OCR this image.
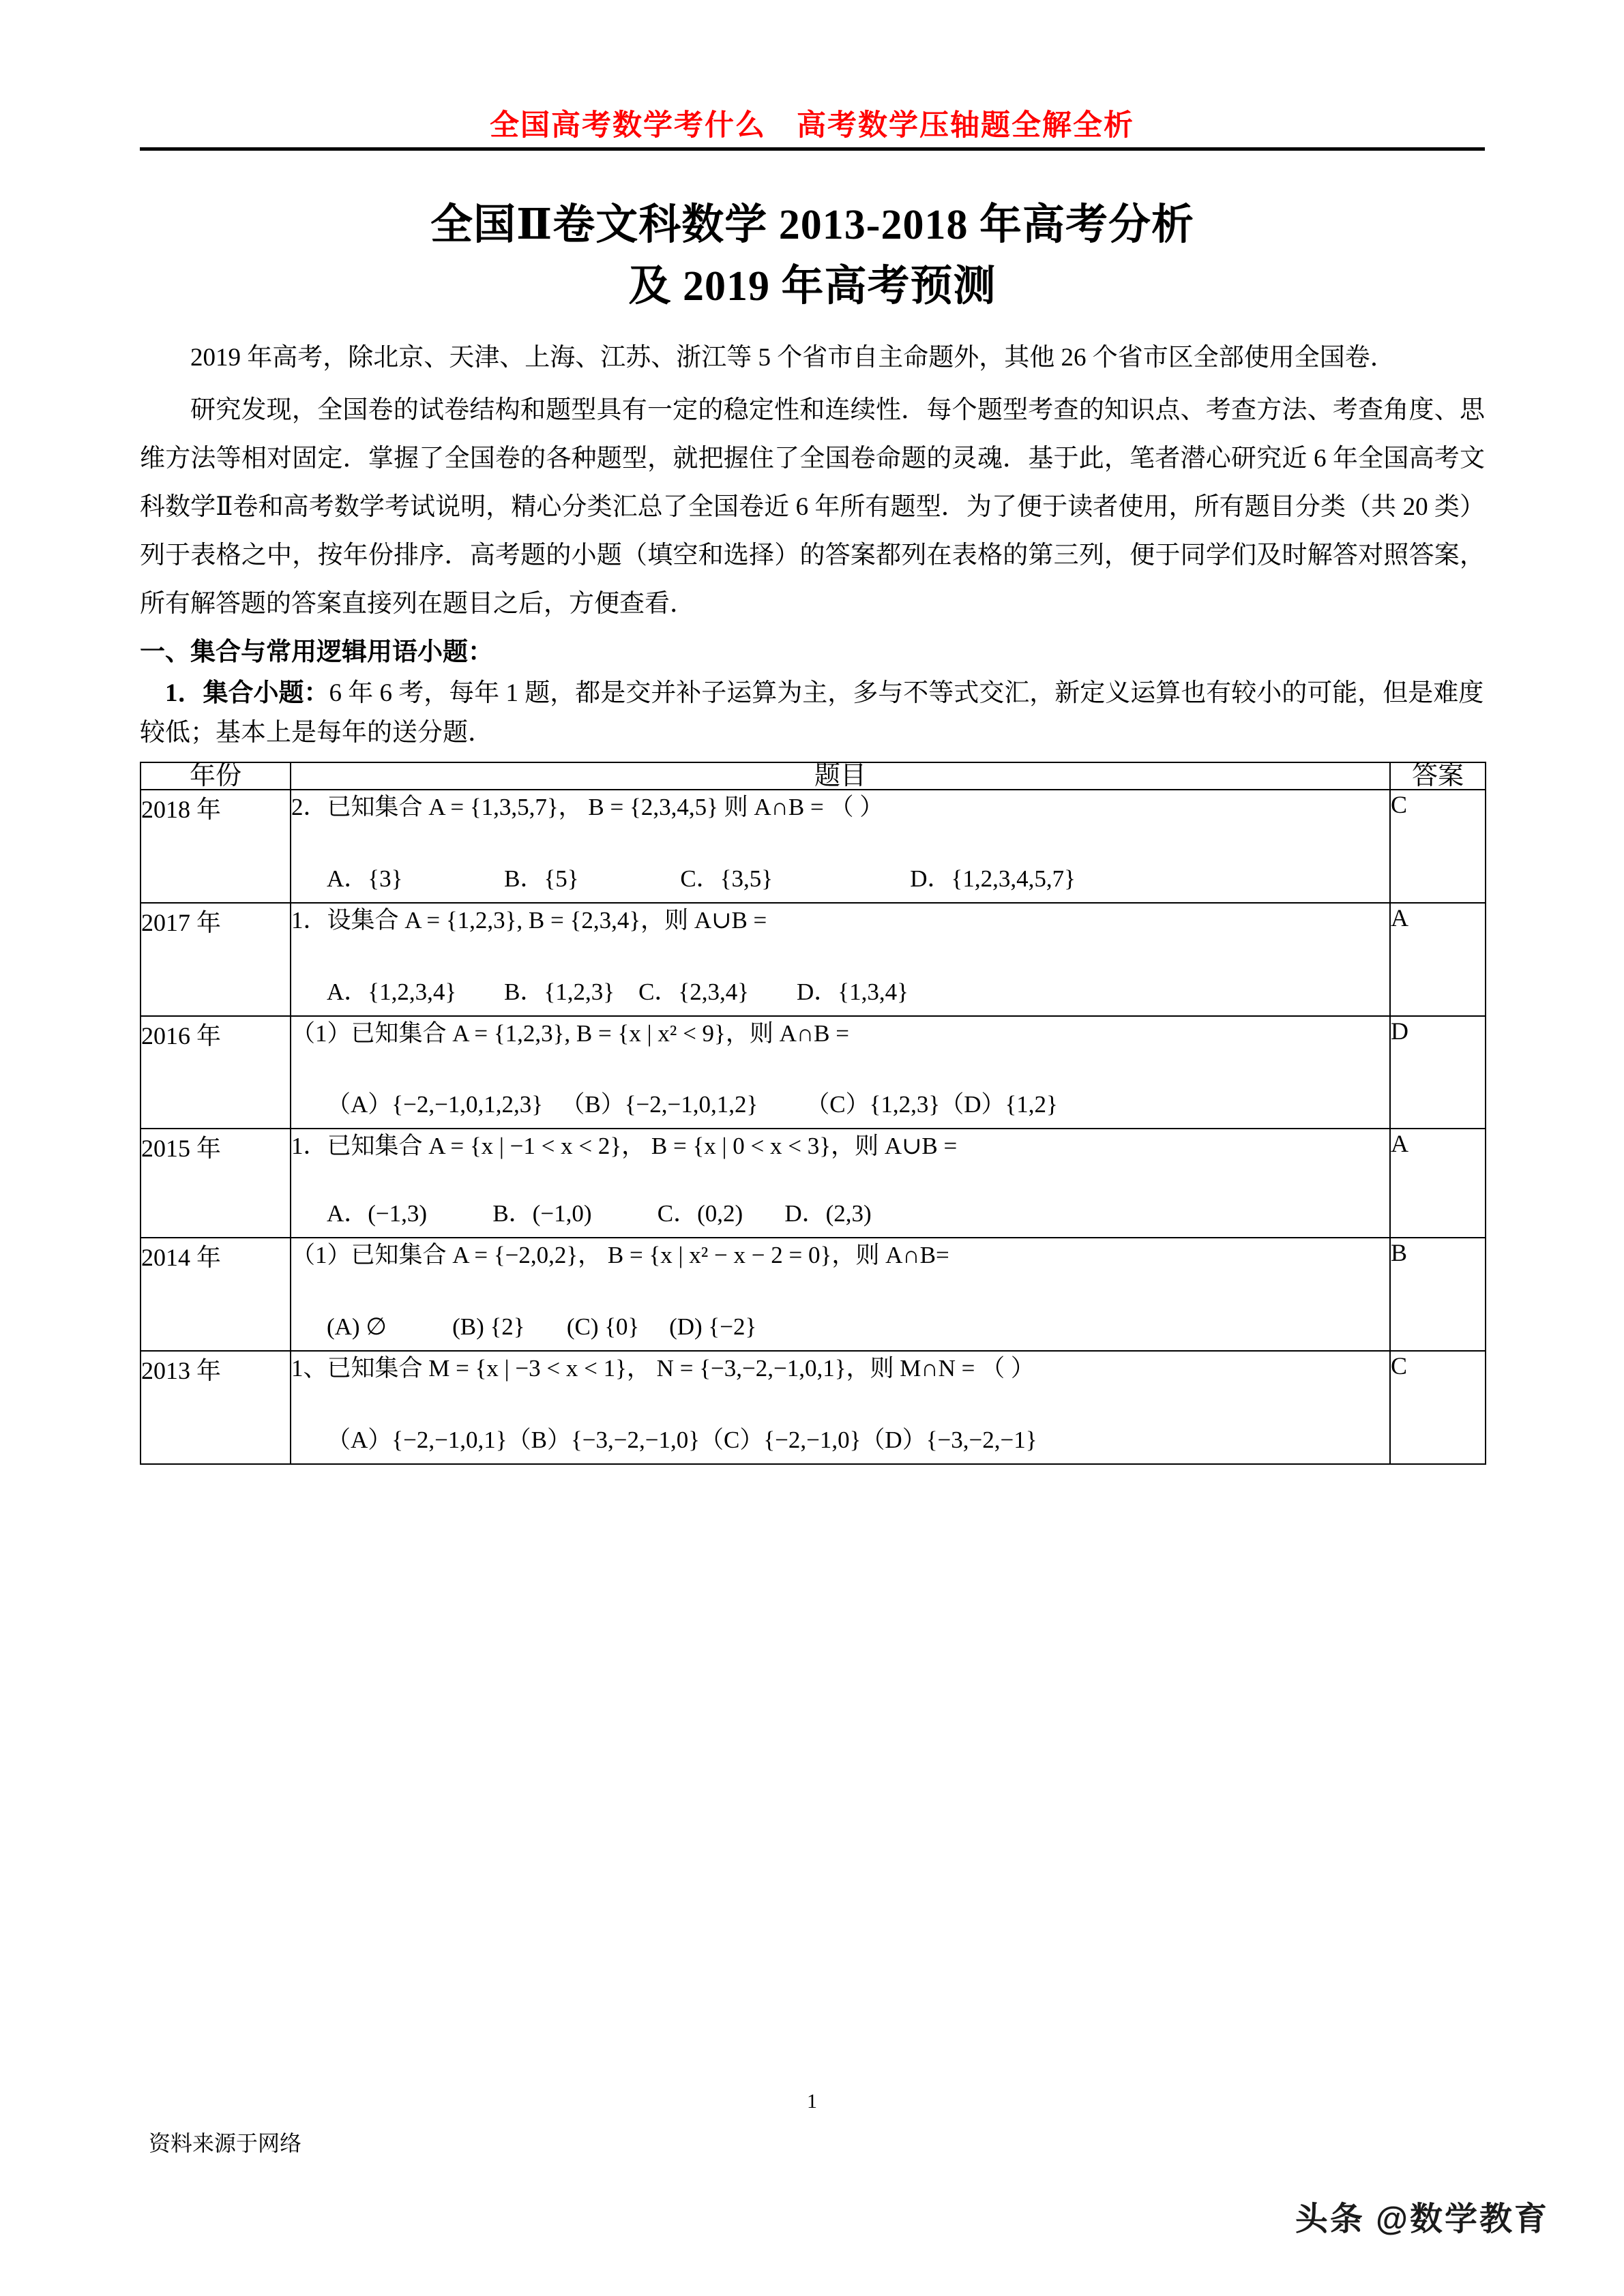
全国高考数学考什么　高考数学压轴题全解全析
全国Ⅱ卷文科数学 2013-2018 年高考分析
及 2019 年高考预测

2019 年高考，除北京、天津、上海、江苏、浙江等 5 个省市自主命题外，其他 26 个省市区全部使用全国卷．

研究发现，全国卷的试卷结构和题型具有一定的稳定性和连续性．每个题型考查的知识点、考查方法、考查角度、思维方法等相对固定．掌握了全国卷的各种题型，就把握住了全国卷命题的灵魂．基于此，笔者潜心研究近 6 年全国高考文科数学Ⅱ卷和高考数学考试说明，精心分类汇总了全国卷近 6 年所有题型．为了便于读者使用，所有题目分类（共 20 类）列于表格之中，按年份排序．高考题的小题（填空和选择）的答案都列在表格的第三列，便于同学们及时解答对照答案，所有解答题的答案直接列在题目之后，方便查看．

一、集合与常用逻辑用语小题：

1．集合小题：6 年 6 考，每年 1 题，都是交并补子运算为主，多与不等式交汇，新定义运算也有较小的可能，但是难度较低；基本上是每年的送分题．

年份	题目	答案
2018 年	2．已知集合 A = {1,3,5,7}， B = {2,3,4,5} 则 A∩B = （ ）
A．{3}                 B．{5}                 C．{3,5}                       D．{1,2,3,4,5,7}	C
2017 年	1．设集合 A = {1,2,3}, B = {2,3,4}，则 A∪B =
A．{1,2,3,4}        B．{1,2,3}    C．{2,3,4}        D．{1,3,4}	A
2016 年	（1）已知集合 A = {1,2,3}, B = {x | x² < 9}，则 A∩B =
（A）{−2,−1,0,1,2,3}   （B）{−2,−1,0,1,2}        （C）{1,2,3}（D）{1,2}	D
2015 年	1．已知集合 A = {x | −1 < x < 2}， B = {x | 0 < x < 3}，则 A∪B =
A．(−1,3)           B．(−1,0)           C．(0,2)       D．(2,3)	A
2014 年	（1）已知集合 A = {−2,0,2}， B = {x | x² − x − 2 = 0}，则 A∩B=
(A) ∅           (B) {2}       (C) {0}     (D) {−2}	B
2013 年	1、已知集合 M = {x | −3 < x < 1}， N = {−3,−2,−1,0,1}，则 M∩N = （ ）
（A）{−2,−1,0,1}（B）{−3,−2,−1,0}（C）{−2,−1,0}（D）{−3,−2,−1}	C
1
资料来源于网络
头条 @数学教育
